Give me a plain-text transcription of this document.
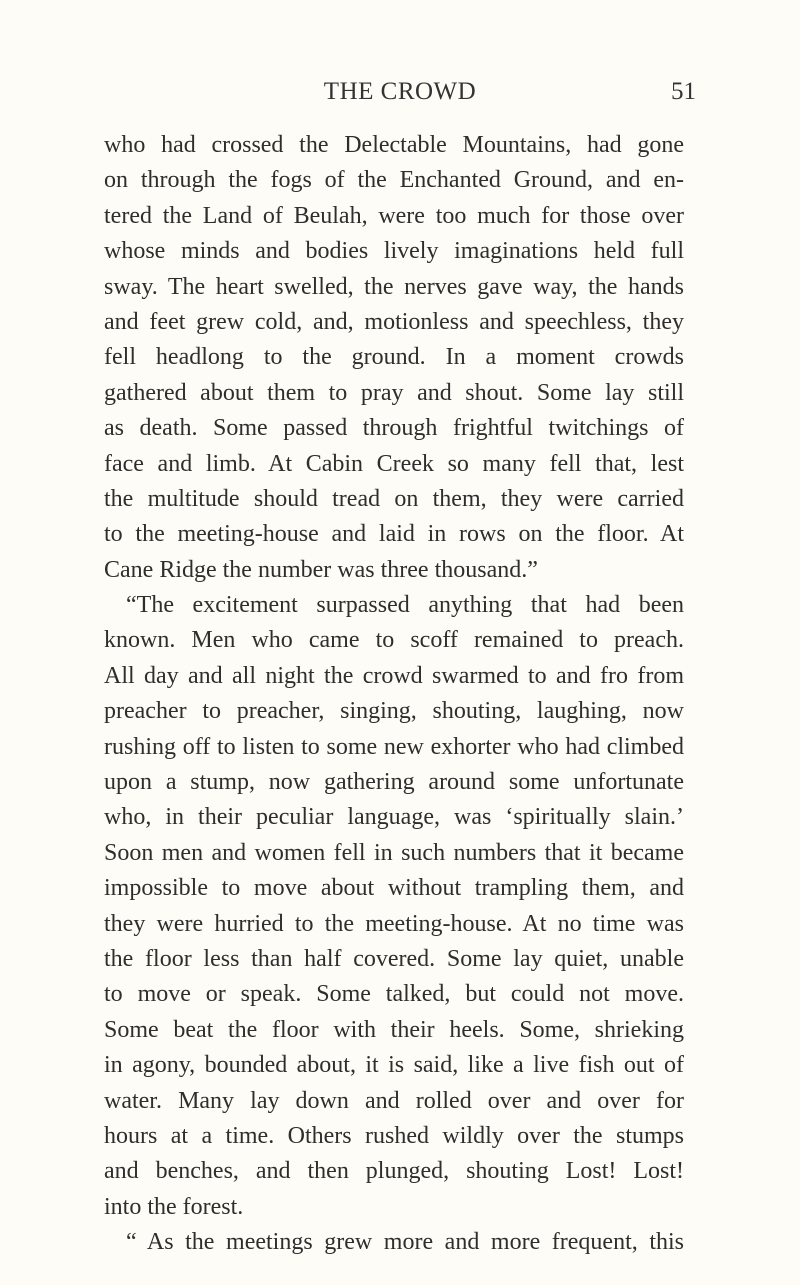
THE CROWD	51
who had crossed the Delectable Mountains, had gone
on through the fogs of the Enchanted Ground, and en-
tered the Land of Beulah, were too much for those over
whose minds and bodies lively imaginations held full
sway. The heart swelled, the nerves gave way, the hands
and feet grew cold, and, motionless and speechless, they
fell headlong to the ground. In a moment crowds
gathered about them to pray and shout. Some lay still
as death. Some passed through frightful twitchings of
face and limb. At Cabin Creek so many fell that, lest
the multitude should tread on them, they were carried
to the meeting-house and laid in rows on the floor. At
Cane Ridge the number was three thousand.”
“The excitement surpassed anything that had been
known. Men who came to scoff remained to preach.
All day and all night the crowd swarmed to and fro from
preacher to preacher, singing, shouting, laughing, now
rushing off to listen to some new exhorter who had climbed
upon a stump, now gathering around some unfortunate
who, in their peculiar language, was ‘spiritually slain.’
Soon men and women fell in such numbers that it became
impossible to move about without trampling them, and
they were hurried to the meeting-house. At no time was
the floor less than half covered. Some lay quiet, unable
to move or speak. Some talked, but could not move.
Some beat the floor with their heels. Some, shrieking
in agony, bounded about, it is said, like a live fish out of
water. Many lay down and rolled over and over for
hours at a time. Others rushed wildly over the stumps
and benches, and then plunged, shouting Lost! Lost!
into the forest.
“ As the meetings grew more and more frequent, this
